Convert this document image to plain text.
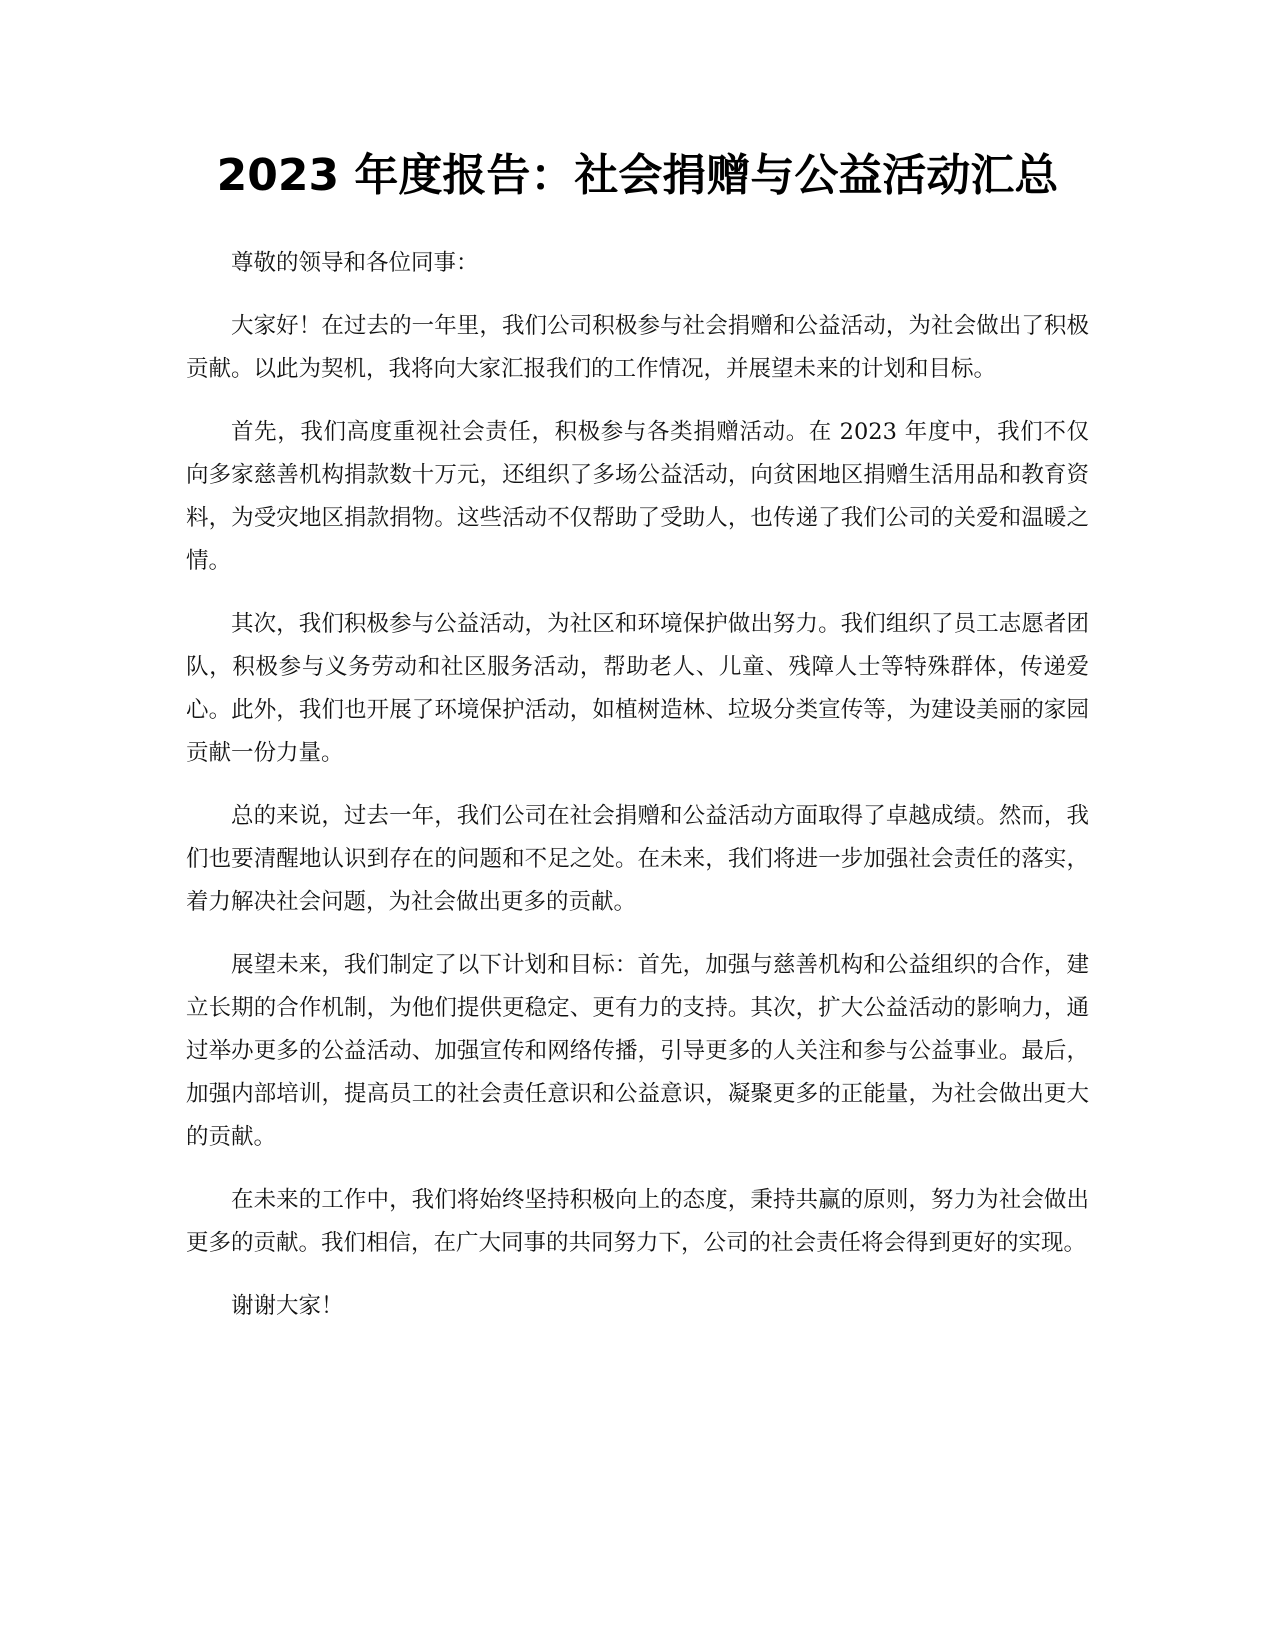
2023 年度报告：社会捐赠与公益活动汇总

尊敬的领导和各位同事：

大家好！在过去的一年里，我们公司积极参与社会捐赠和公益活动，为社会做出了积极贡献。以此为契机，我将向大家汇报我们的工作情况，并展望未来的计划和目标。

首先，我们高度重视社会责任，积极参与各类捐赠活动。在 2023 年度中，我们不仅向多家慈善机构捐款数十万元，还组织了多场公益活动，向贫困地区捐赠生活用品和教育资料，为受灾地区捐款捐物。这些活动不仅帮助了受助人，也传递了我们公司的关爱和温暖之情。

其次，我们积极参与公益活动，为社区和环境保护做出努力。我们组织了员工志愿者团队，积极参与义务劳动和社区服务活动，帮助老人、儿童、残障人士等特殊群体，传递爱心。此外，我们也开展了环境保护活动，如植树造林、垃圾分类宣传等，为建设美丽的家园贡献一份力量。

总的来说，过去一年，我们公司在社会捐赠和公益活动方面取得了卓越成绩。然而，我们也要清醒地认识到存在的问题和不足之处。在未来，我们将进一步加强社会责任的落实，着力解决社会问题，为社会做出更多的贡献。

展望未来，我们制定了以下计划和目标：首先，加强与慈善机构和公益组织的合作，建立长期的合作机制，为他们提供更稳定、更有力的支持。其次，扩大公益活动的影响力，通过举办更多的公益活动、加强宣传和网络传播，引导更多的人关注和参与公益事业。最后，加强内部培训，提高员工的社会责任意识和公益意识，凝聚更多的正能量，为社会做出更大的贡献。

在未来的工作中，我们将始终坚持积极向上的态度，秉持共赢的原则，努力为社会做出更多的贡献。我们相信，在广大同事的共同努力下，公司的社会责任将会得到更好的实现。

谢谢大家！
